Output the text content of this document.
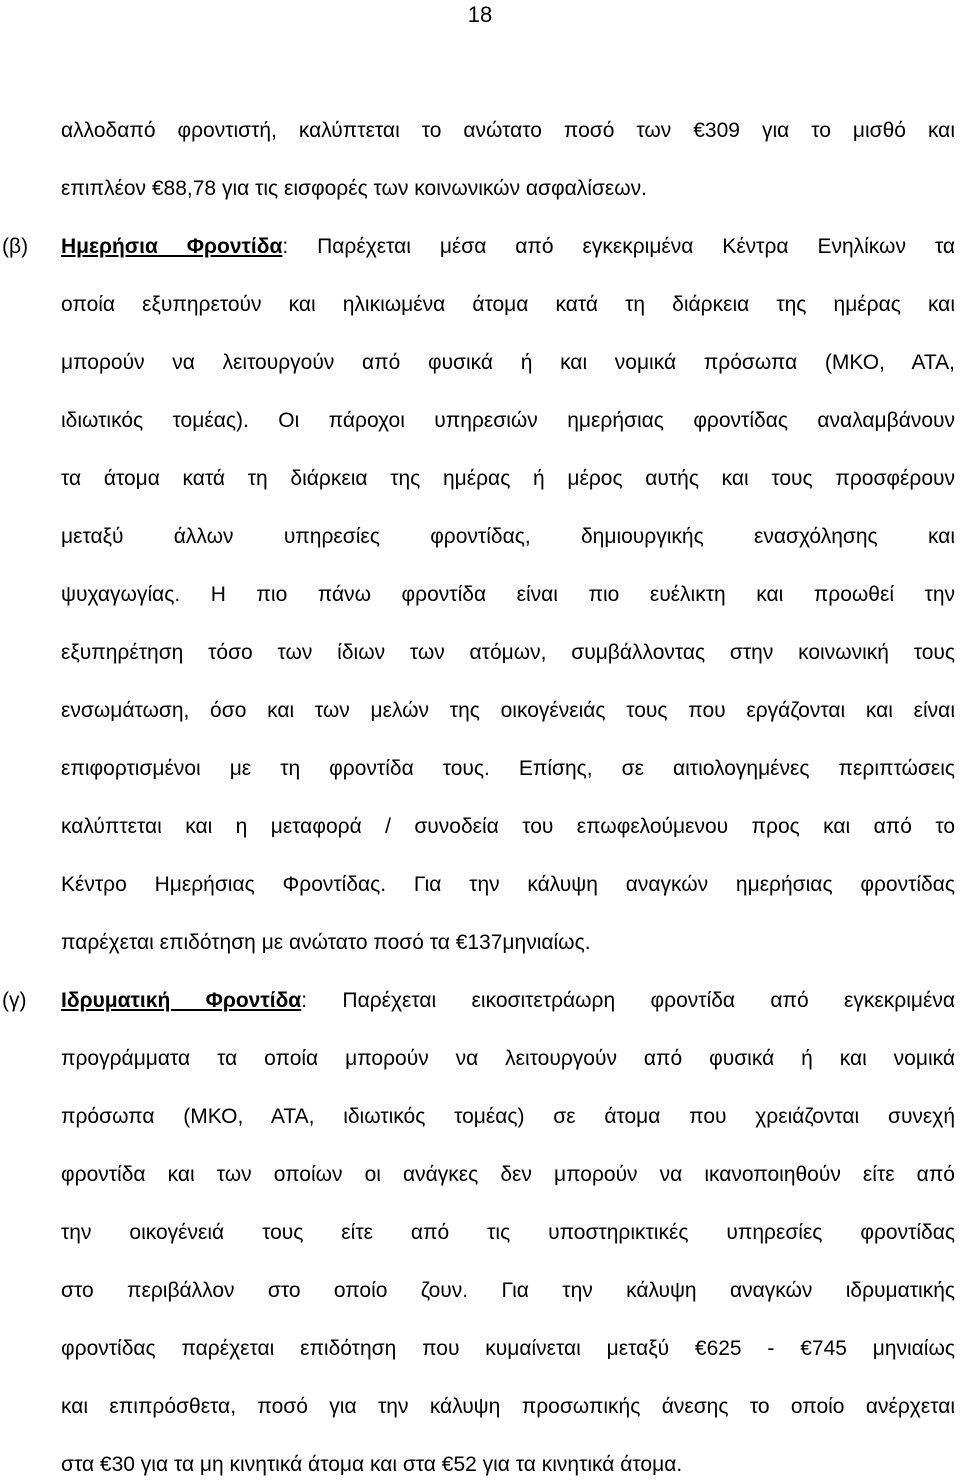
18
αλλοδαπό φροντιστή, καλύπτεται το ανώτατο ποσό των €309 για το μισθό και
επιπλέον €88,78 για τις εισφορές των κοινωνικών ασφαλίσεων.
(β) Ημερήσια Φροντίδα: Παρέχεται μέσα από εγκεκριμένα Κέντρα Ενηλίκων τα
οποία εξυπηρετούν και ηλικιωμένα άτομα κατά τη διάρκεια της ημέρας και
μπορούν να λειτουργούν από φυσικά ή και νομικά πρόσωπα (ΜΚΟ, ΑΤΑ,
ιδιωτικός τομέας). Οι πάροχοι υπηρεσιών ημερήσιας φροντίδας αναλαμβάνουν
τα άτομα κατά τη διάρκεια της ημέρας ή μέρος αυτής και τους προσφέρουν
μεταξύ άλλων υπηρεσίες φροντίδας, δημιουργικής ενασχόλησης και
ψυχαγωγίας. Η πιο πάνω φροντίδα είναι πιο ευέλικτη και προωθεί την
εξυπηρέτηση τόσο των ίδιων των ατόμων, συμβάλλοντας στην κοινωνική τους
ενσωμάτωση, όσο και των μελών της οικογένειάς τους που εργάζονται και είναι
επιφορτισμένοι με τη φροντίδα τους. Επίσης, σε αιτιολογημένες περιπτώσεις
καλύπτεται και η μεταφορά / συνοδεία του επωφελούμενου προς και από το
Κέντρο Ημερήσιας Φροντίδας. Για την κάλυψη αναγκών ημερήσιας φροντίδας
παρέχεται επιδότηση με ανώτατο ποσό τα €137μηνιαίως.
(γ) Ιδρυματική Φροντίδα: Παρέχεται εικοσιτετράωρη φροντίδα από εγκεκριμένα
προγράμματα τα οποία μπορούν να λειτουργούν από φυσικά ή και νομικά
πρόσωπα (ΜΚΟ, ΑΤΑ, ιδιωτικός τομέας) σε άτομα που χρειάζονται συνεχή
φροντίδα και των οποίων οι ανάγκες δεν μπορούν να ικανοποιηθούν είτε από
την οικογένειά τους είτε από τις υποστηρικτικές υπηρεσίες φροντίδας
στο περιβάλλον στο οποίο ζουν. Για την κάλυψη αναγκών ιδρυματικής
φροντίδας παρέχεται επιδότηση που κυμαίνεται μεταξύ €625 - €745 μηνιαίως
και επιπρόσθετα, ποσό για την κάλυψη προσωπικής άνεσης το οποίο ανέρχεται
στα €30 για τα μη κινητικά άτομα και στα €52 για τα κινητικά άτομα.
